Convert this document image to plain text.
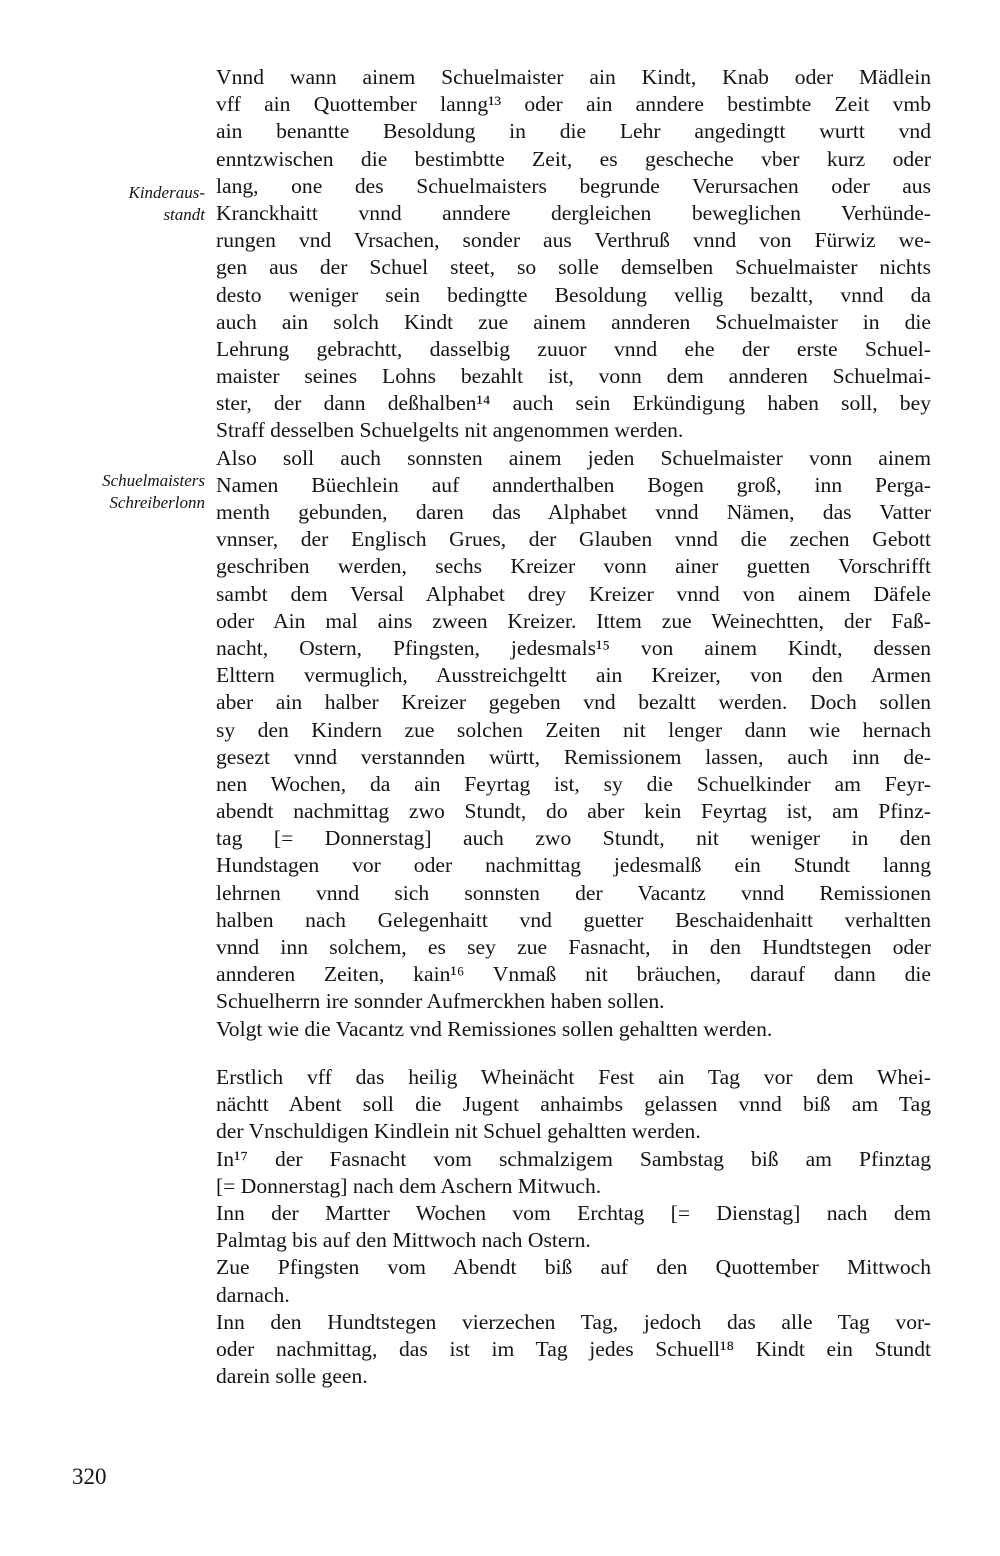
Kinderaus-
standt
Schuelmaisters
Schreiberlonn
Vnnd wann ainem Schuelmaister ain Kindt, Knab oder Mädlein
vff ain Quottember lanng¹³ oder ain anndere bestimbte Zeit vmb
ain benantte Besoldung in die Lehr angedingtt wurtt vnd
enntzwischen die bestimbtte Zeit, es gescheche vber kurz oder
lang, one des Schuelmaisters begrunde Verursachen oder aus
Kranckhaitt vnnd anndere dergleichen beweglichen Verhünde-
rungen vnd Vrsachen, sonder aus Verthruß vnnd von Fürwiz we-
gen aus der Schuel steet, so solle demselben Schuelmaister nichts
desto weniger sein bedingtte Besoldung vellig bezaltt, vnnd da
auch ain solch Kindt zue ainem annderen Schuelmaister in die
Lehrung gebrachtt, dasselbig zuuor vnnd ehe der erste Schuel-
maister seines Lohns bezahlt ist, vonn dem annderen Schuelmai-
ster, der dann deßhalben¹⁴ auch sein Erkündigung haben soll, bey
Straff desselben Schuelgelts nit angenommen werden.
Also soll auch sonnsten ainem jeden Schuelmaister vonn ainem
Namen Büechlein auf annderthalben Bogen groß, inn Perga-
menth gebunden, daren das Alphabet vnnd Nämen, das Vatter
vnnser, der Englisch Grues, der Glauben vnnd die zechen Gebott
geschriben werden, sechs Kreizer vonn ainer guetten Vorschrifft
sambt dem Versal Alphabet drey Kreizer vnnd von ainem Däfele
oder Ain mal ains zween Kreizer. Ittem zue Weinechtten, der Faß-
nacht, Ostern, Pfingsten, jedesmals¹⁵ von ainem Kindt, dessen
Elttern vermuglich, Ausstreichgeltt ain Kreizer, von den Armen
aber ain halber Kreizer gegeben vnd bezaltt werden. Doch sollen
sy den Kindern zue solchen Zeiten nit lenger dann wie hernach
gesezt vnnd verstannden württ, Remissionem lassen, auch inn de-
nen Wochen, da ain Feyrtag ist, sy die Schuelkinder am Feyr-
abendt nachmittag zwo Stundt, do aber kein Feyrtag ist, am Pfinz-
tag [= Donnerstag] auch zwo Stundt, nit weniger in den
Hundstagen vor oder nachmittag jedesmalß ein Stundt lanng
lehrnen vnnd sich sonnsten der Vacantz vnnd Remissionen
halben nach Gelegenhaitt vnd guetter Beschaidenhaitt verhaltten
vnnd inn solchem, es sey zue Fasnacht, in den Hundtstegen oder
annderen Zeiten, kain¹⁶ Vnmaß nit bräuchen, darauf dann die
Schuelherrn ire sonnder Aufmerckhen haben sollen.
Volgt wie die Vacantz vnd Remissiones sollen gehaltten werden.
Erstlich vff das heilig Wheinächt Fest ain Tag vor dem Whei-
nächtt Abent soll die Jugent anhaimbs gelassen vnnd biß am Tag
der Vnschuldigen Kindlein nit Schuel gehaltten werden.
In¹⁷ der Fasnacht vom schmalzigem Sambstag biß am Pfinztag
[= Donnerstag] nach dem Aschern Mitwuch.
Inn der Martter Wochen vom Erchtag [= Dienstag] nach dem
Palmtag bis auf den Mittwoch nach Ostern.
Zue Pfingsten vom Abendt biß auf den Quottember Mittwoch
darnach.
Inn den Hundtstegen vierzechen Tag, jedoch das alle Tag vor-
oder nachmittag, das ist im Tag jedes Schuell¹⁸ Kindt ein Stundt
darein solle geen.
320
